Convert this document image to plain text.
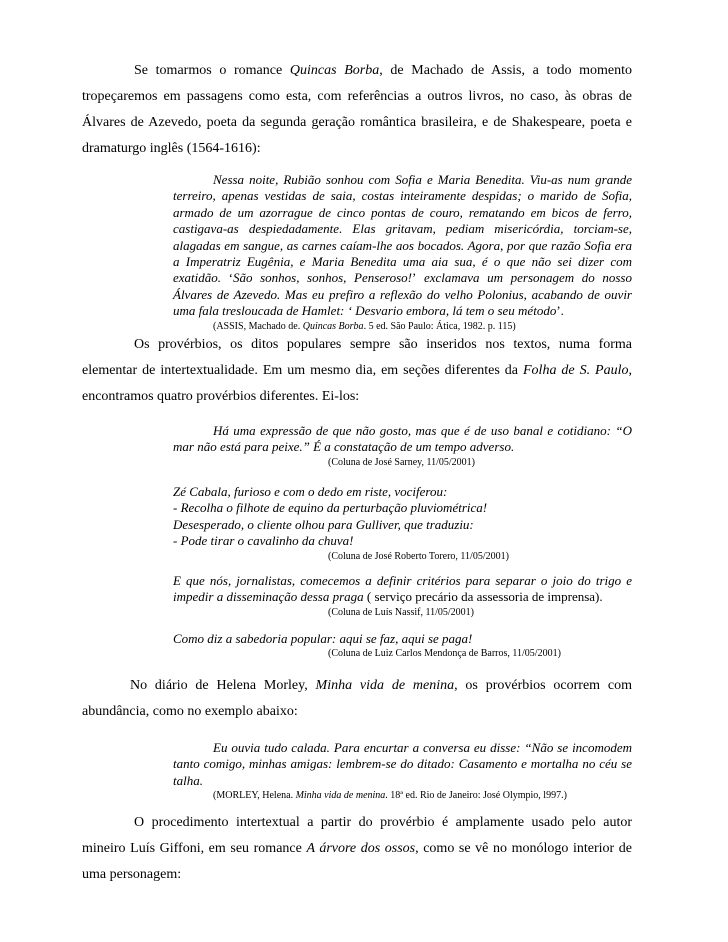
Se tomarmos o romance Quincas Borba, de Machado de Assis, a todo momento tropeçaremos em passagens como esta, com referências a outros livros, no caso, às obras de Álvares de Azevedo, poeta da segunda geração romântica brasileira, e de Shakespeare, poeta e dramaturgo inglês (1564-1616):

Nessa noite, Rubião sonhou com Sofia e Maria Benedita. Viu-as num grande terreiro, apenas vestidas de saia, costas inteiramente despidas; o marido de Sofia, armado de um azorrague de cinco pontas de couro, rematando em bicos de ferro, castigava-as despiedadamente. Elas gritavam, pediam misericórdia, torciam-se, alagadas em sangue, as carnes caíam-lhe aos bocados. Agora, por que razão Sofia era a Imperatriz Eugênia, e Maria Benedita uma aia sua, é o que não sei dizer com exatidão. ‘São sonhos, sonhos, Penseroso!’ exclamava um personagem do nosso Álvares de Azevedo. Mas eu prefiro a reflexão do velho Polonius, acabando de ouvir uma fala tresloucada de Hamlet: ‘ Desvario embora, lá tem o seu método’.
(ASSIS, Machado de. Quincas Borba. 5 ed. São Paulo: Ática, 1982. p. 115)

Os provérbios, os ditos populares sempre são inseridos nos textos, numa forma elementar de intertextualidade. Em um mesmo dia, em seções diferentes da Folha de S. Paulo, encontramos quatro provérbios diferentes. Ei-los:

Há uma expressão de que não gosto, mas que é de uso banal e cotidiano: “O mar não está para peixe.” É a constatação de um tempo adverso.
(Coluna de José Sarney, 11/05/2001)
Zé Cabala, furioso e com o dedo em riste, vociferou:
- Recolha o filhote de equino da perturbação pluviométrica!
Desesperado, o cliente olhou para Gulliver, que traduziu:
- Pode tirar o cavalinho da chuva!
(Coluna de José Roberto Torero, 11/05/2001)
E que nós, jornalistas, comecemos a definir critérios para separar o joio do trigo e impedir a disseminação dessa praga ( serviço precário da assessoria de imprensa).
(Coluna de Luís Nassif, 11/05/2001)
Como diz a sabedoria popular: aqui se faz, aqui se paga!
(Coluna de Luiz Carlos Mendonça de Barros, 11/05/2001)

No diário de Helena Morley, Minha vida de menina, os provérbios ocorrem com abundância, como no exemplo abaixo:

Eu ouvia tudo calada. Para encurtar a conversa eu disse: “Não se incomodem tanto comigo, minhas amigas: lembrem-se do ditado: Casamento e mortalha no céu se talha.
(MORLEY, Helena. Minha vida de menina. 18ª ed. Rio de Janeiro: José Olympio, l997.)

O procedimento intertextual a partir do provérbio é amplamente usado pelo autor mineiro Luís Giffoni, em seu romance A árvore dos ossos, como se vê no monólogo interior de uma personagem:
